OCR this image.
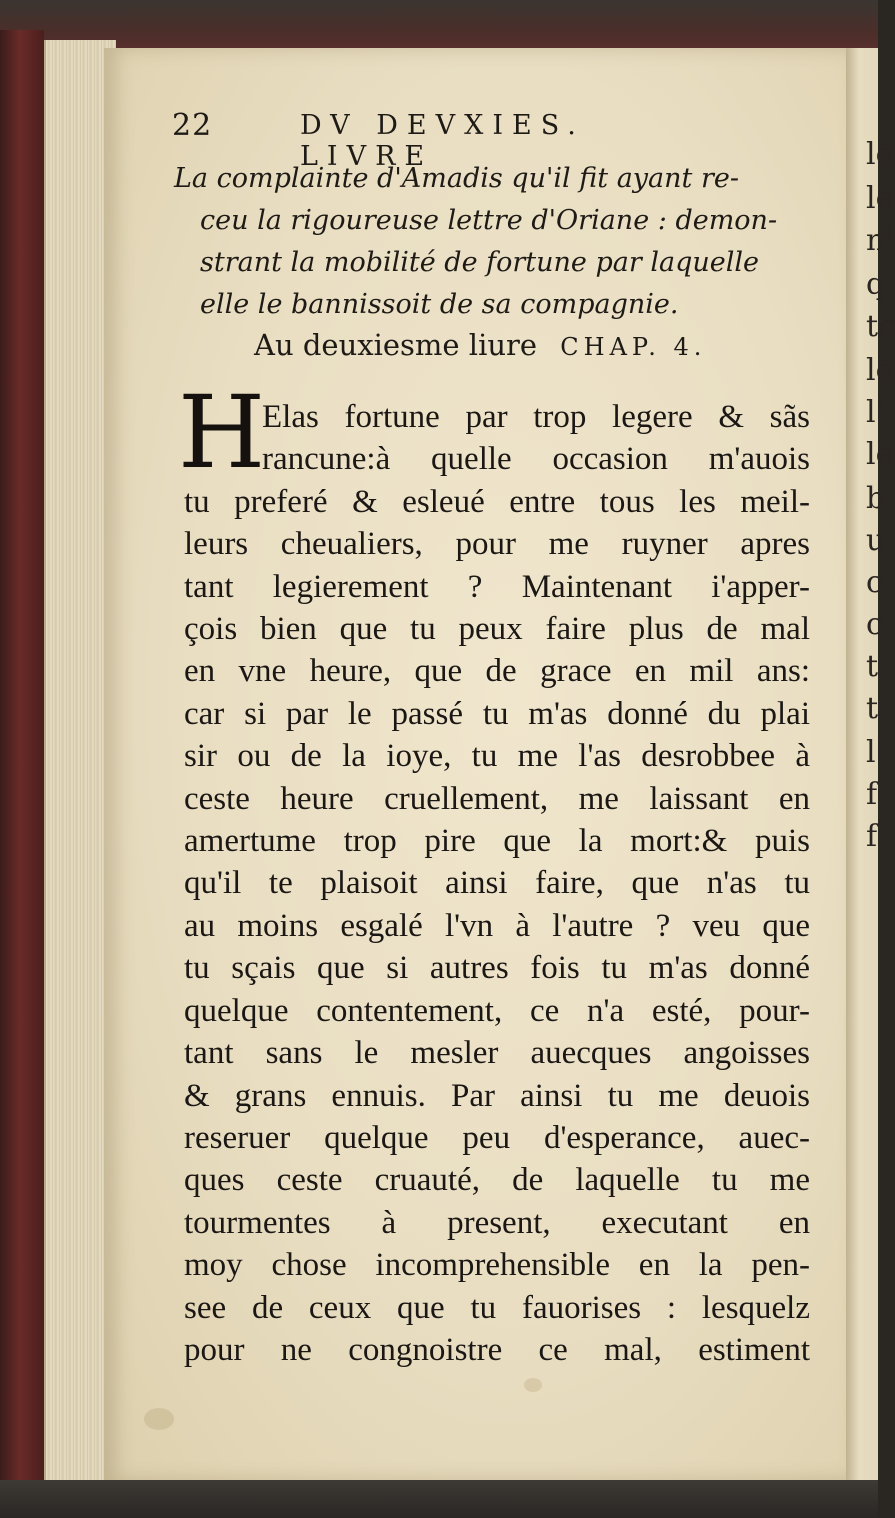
le
le
n'
q
tc
le
l'
le
b
u
c
c
t
t
l
f
f
22	DV DEVXIES. LIVRE
La complainte d'Amadis qu'il fit ayant re-
ceu la rigoureuse lettre d'Oriane : demon-
strant la mobilité de fortune par laquelle
elle le bannissoit de sa compagnie.
Au deuxiesme liure CHAP. 4.
H
Elas fortune par trop legere & sãs
rancune:à quelle occasion m'auois
tu preferé & esleué entre tous les meil-
leurs cheualiers, pour me ruyner apres
tant legierement ? Maintenant i'apper-
çois bien que tu peux faire plus de mal
en vne heure, que de grace en mil ans:
car si par le passé tu m'as donné du plai
sir ou de la ioye, tu me l'as desrobbee à
ceste heure cruellement, me laissant en
amertume trop pire que la mort:& puis
qu'il te plaisoit ainsi faire, que n'as tu
au moins esgalé l'vn à l'autre ? veu que
tu sçais que si autres fois tu m'as donné
quelque contentement, ce n'a esté, pour-
tant sans le mesler auecques angoisses
& grans ennuis. Par ainsi tu me deuois
reseruer quelque peu d'esperance, auec-
ques ceste cruauté, de laquelle tu me
tourmentes à present, executant en
moy chose incomprehensible en la pen-
see de ceux que tu fauorises : lesquelz
pour ne congnoistre ce mal, estiment
